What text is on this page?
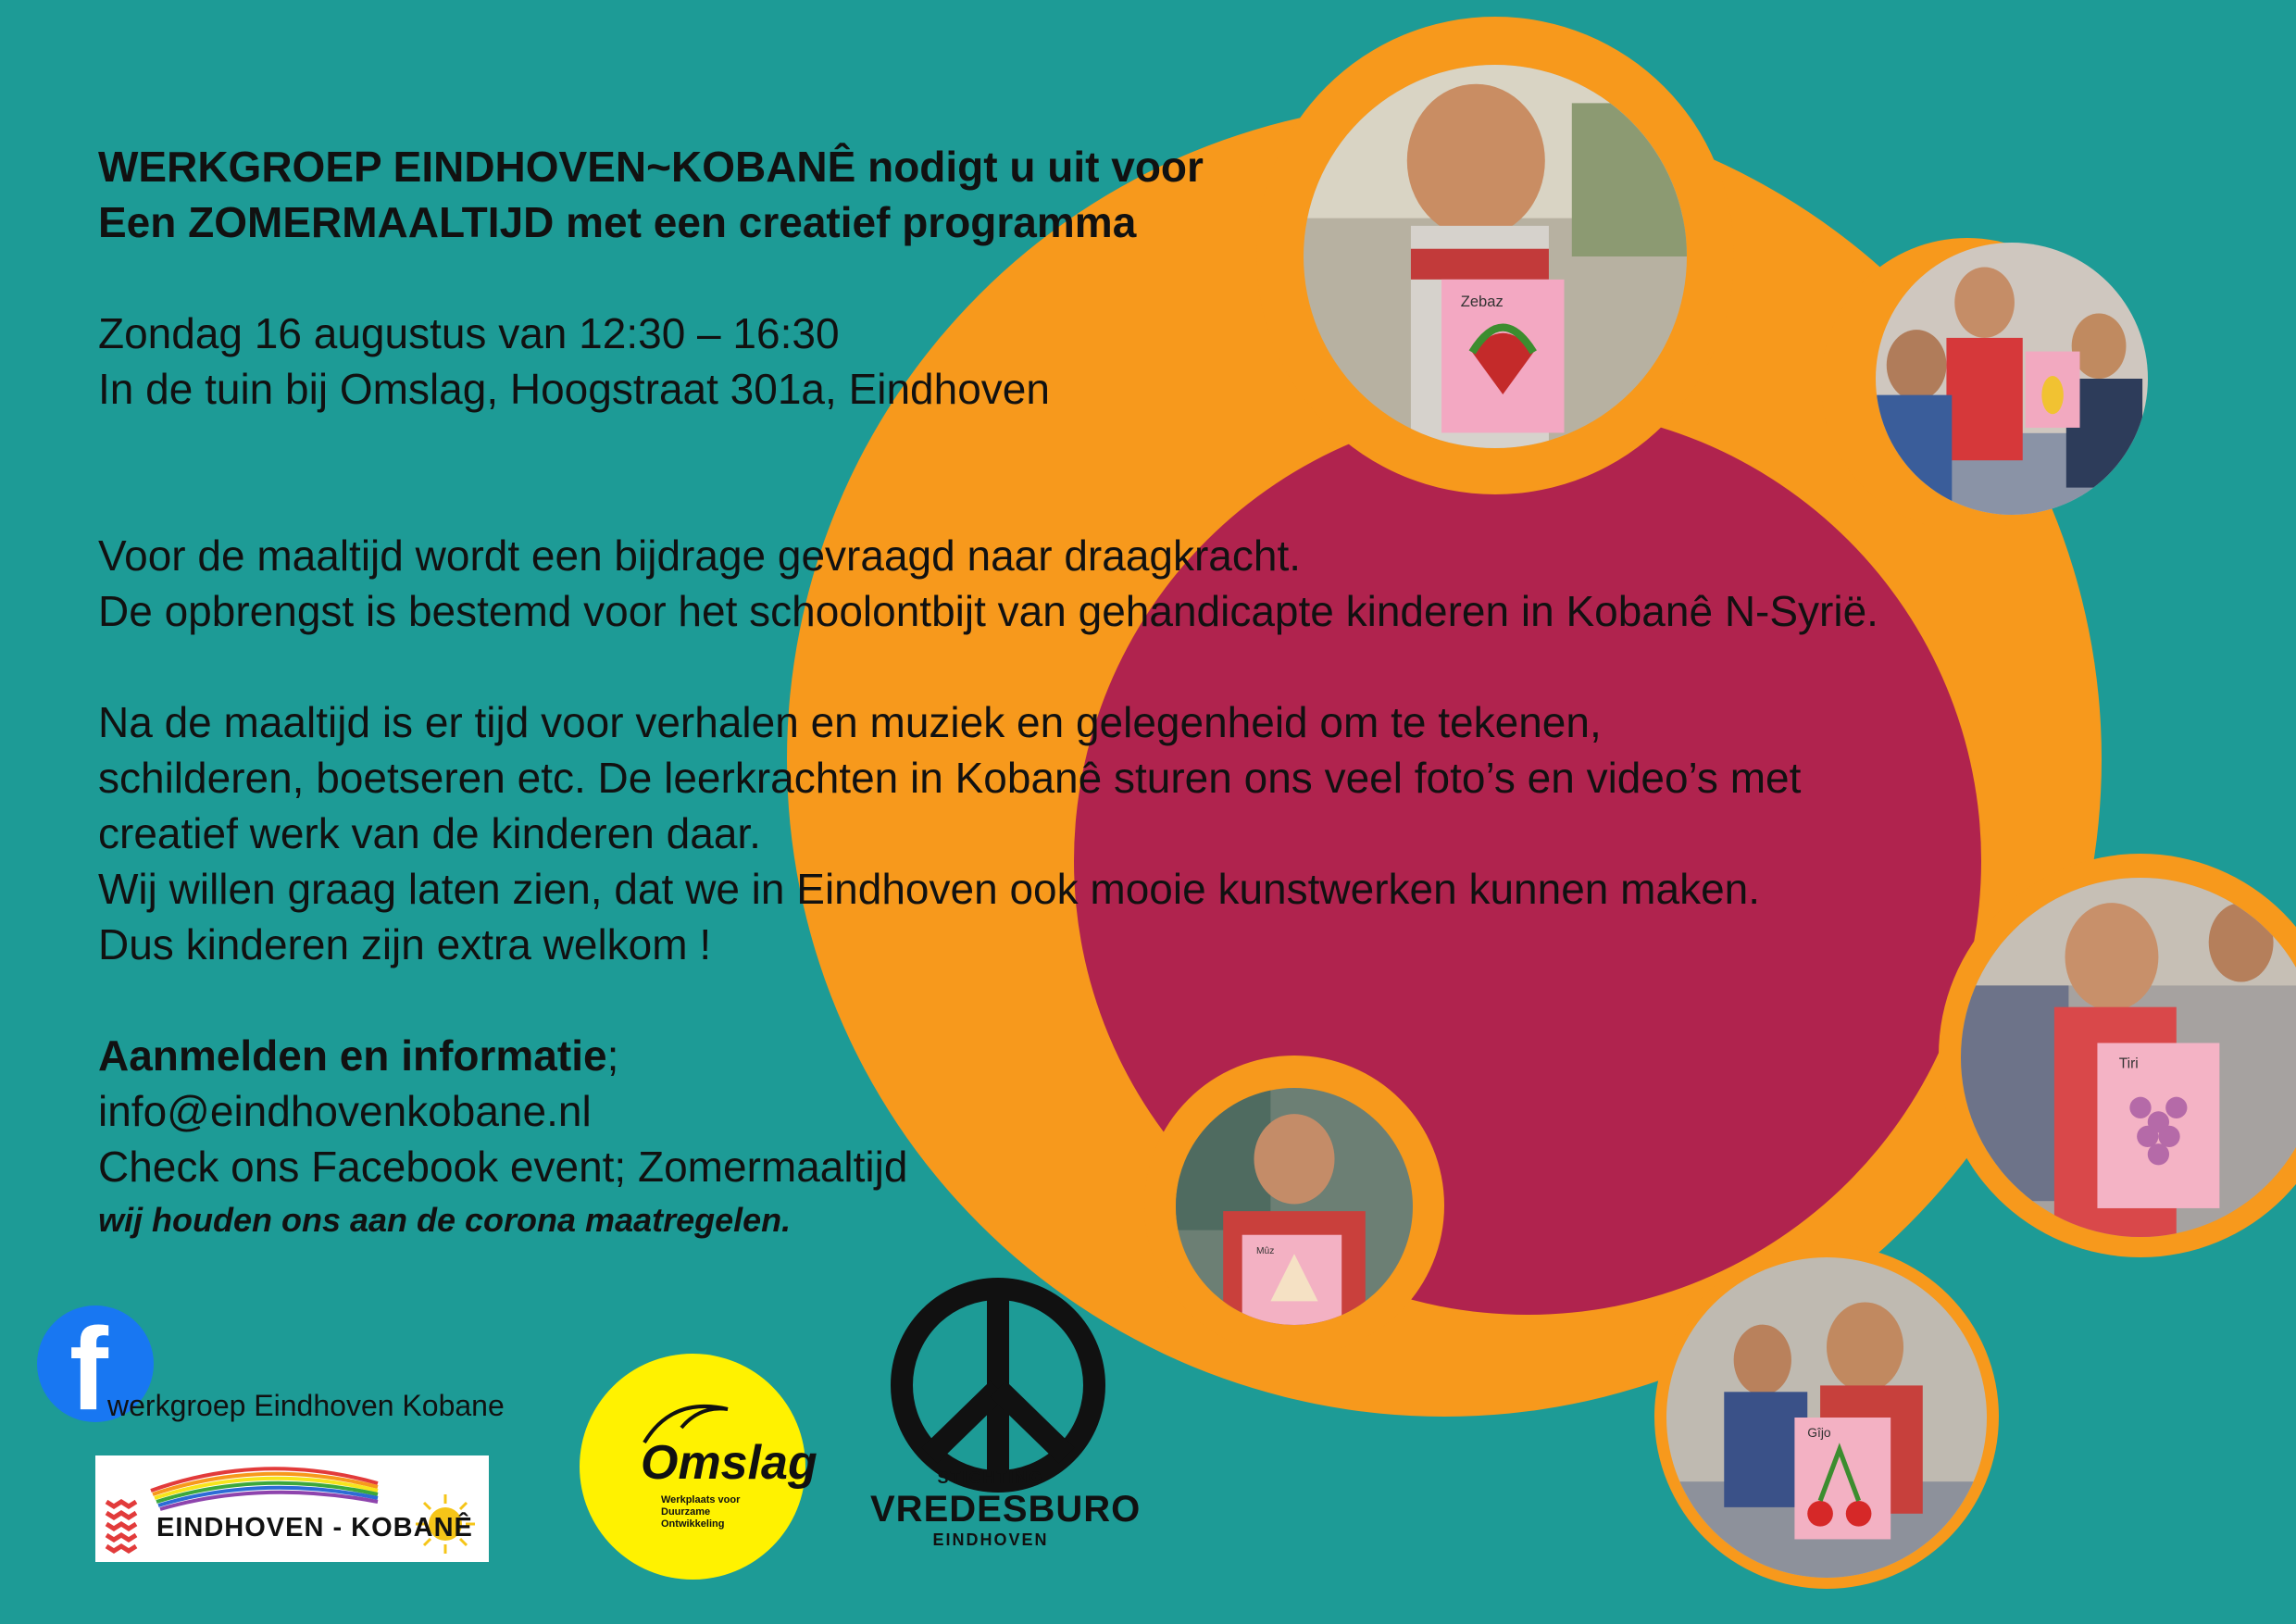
Zebaz
Tiri
Mûz
Gîjo
WERKGROEP EINDHOVEN~KOBANÊ nodigt u uit voor
Een ZOMERMAALTIJD met een creatief programma
Zondag 16 augustus van 12:30 – 16:30
In de tuin bij Omslag, Hoogstraat 301a, Eindhoven
Voor de maaltijd wordt een bijdrage gevraagd naar draagkracht.
De opbrengst is bestemd voor het schoolontbijt van gehandicapte kinderen in Kobanê N-Syrië.
Na de maaltijd is er tijd voor verhalen en muziek en gelegenheid om te tekenen,
schilderen, boetseren etc. De leerkrachten in Kobanê sturen ons veel foto’s en video’s met
creatief werk van de kinderen daar.
Wij willen graag laten zien, dat we in Eindhoven ook mooie kunstwerken kunnen maken.
Dus kinderen zijn extra welkom !
Aanmelden en informatie;
info@eindhovenkobane.nl
Check ons Facebook event; Zomermaaltijd
wij houden ons aan de corona maatregelen.
f werkgroep Eindhoven Kobane
EINDHOVEN - KOBANÊ
Omslag
Werkplaats voor Duurzame Ontwikkeling
STICHTING
VREDESBURO
EINDHOVEN
